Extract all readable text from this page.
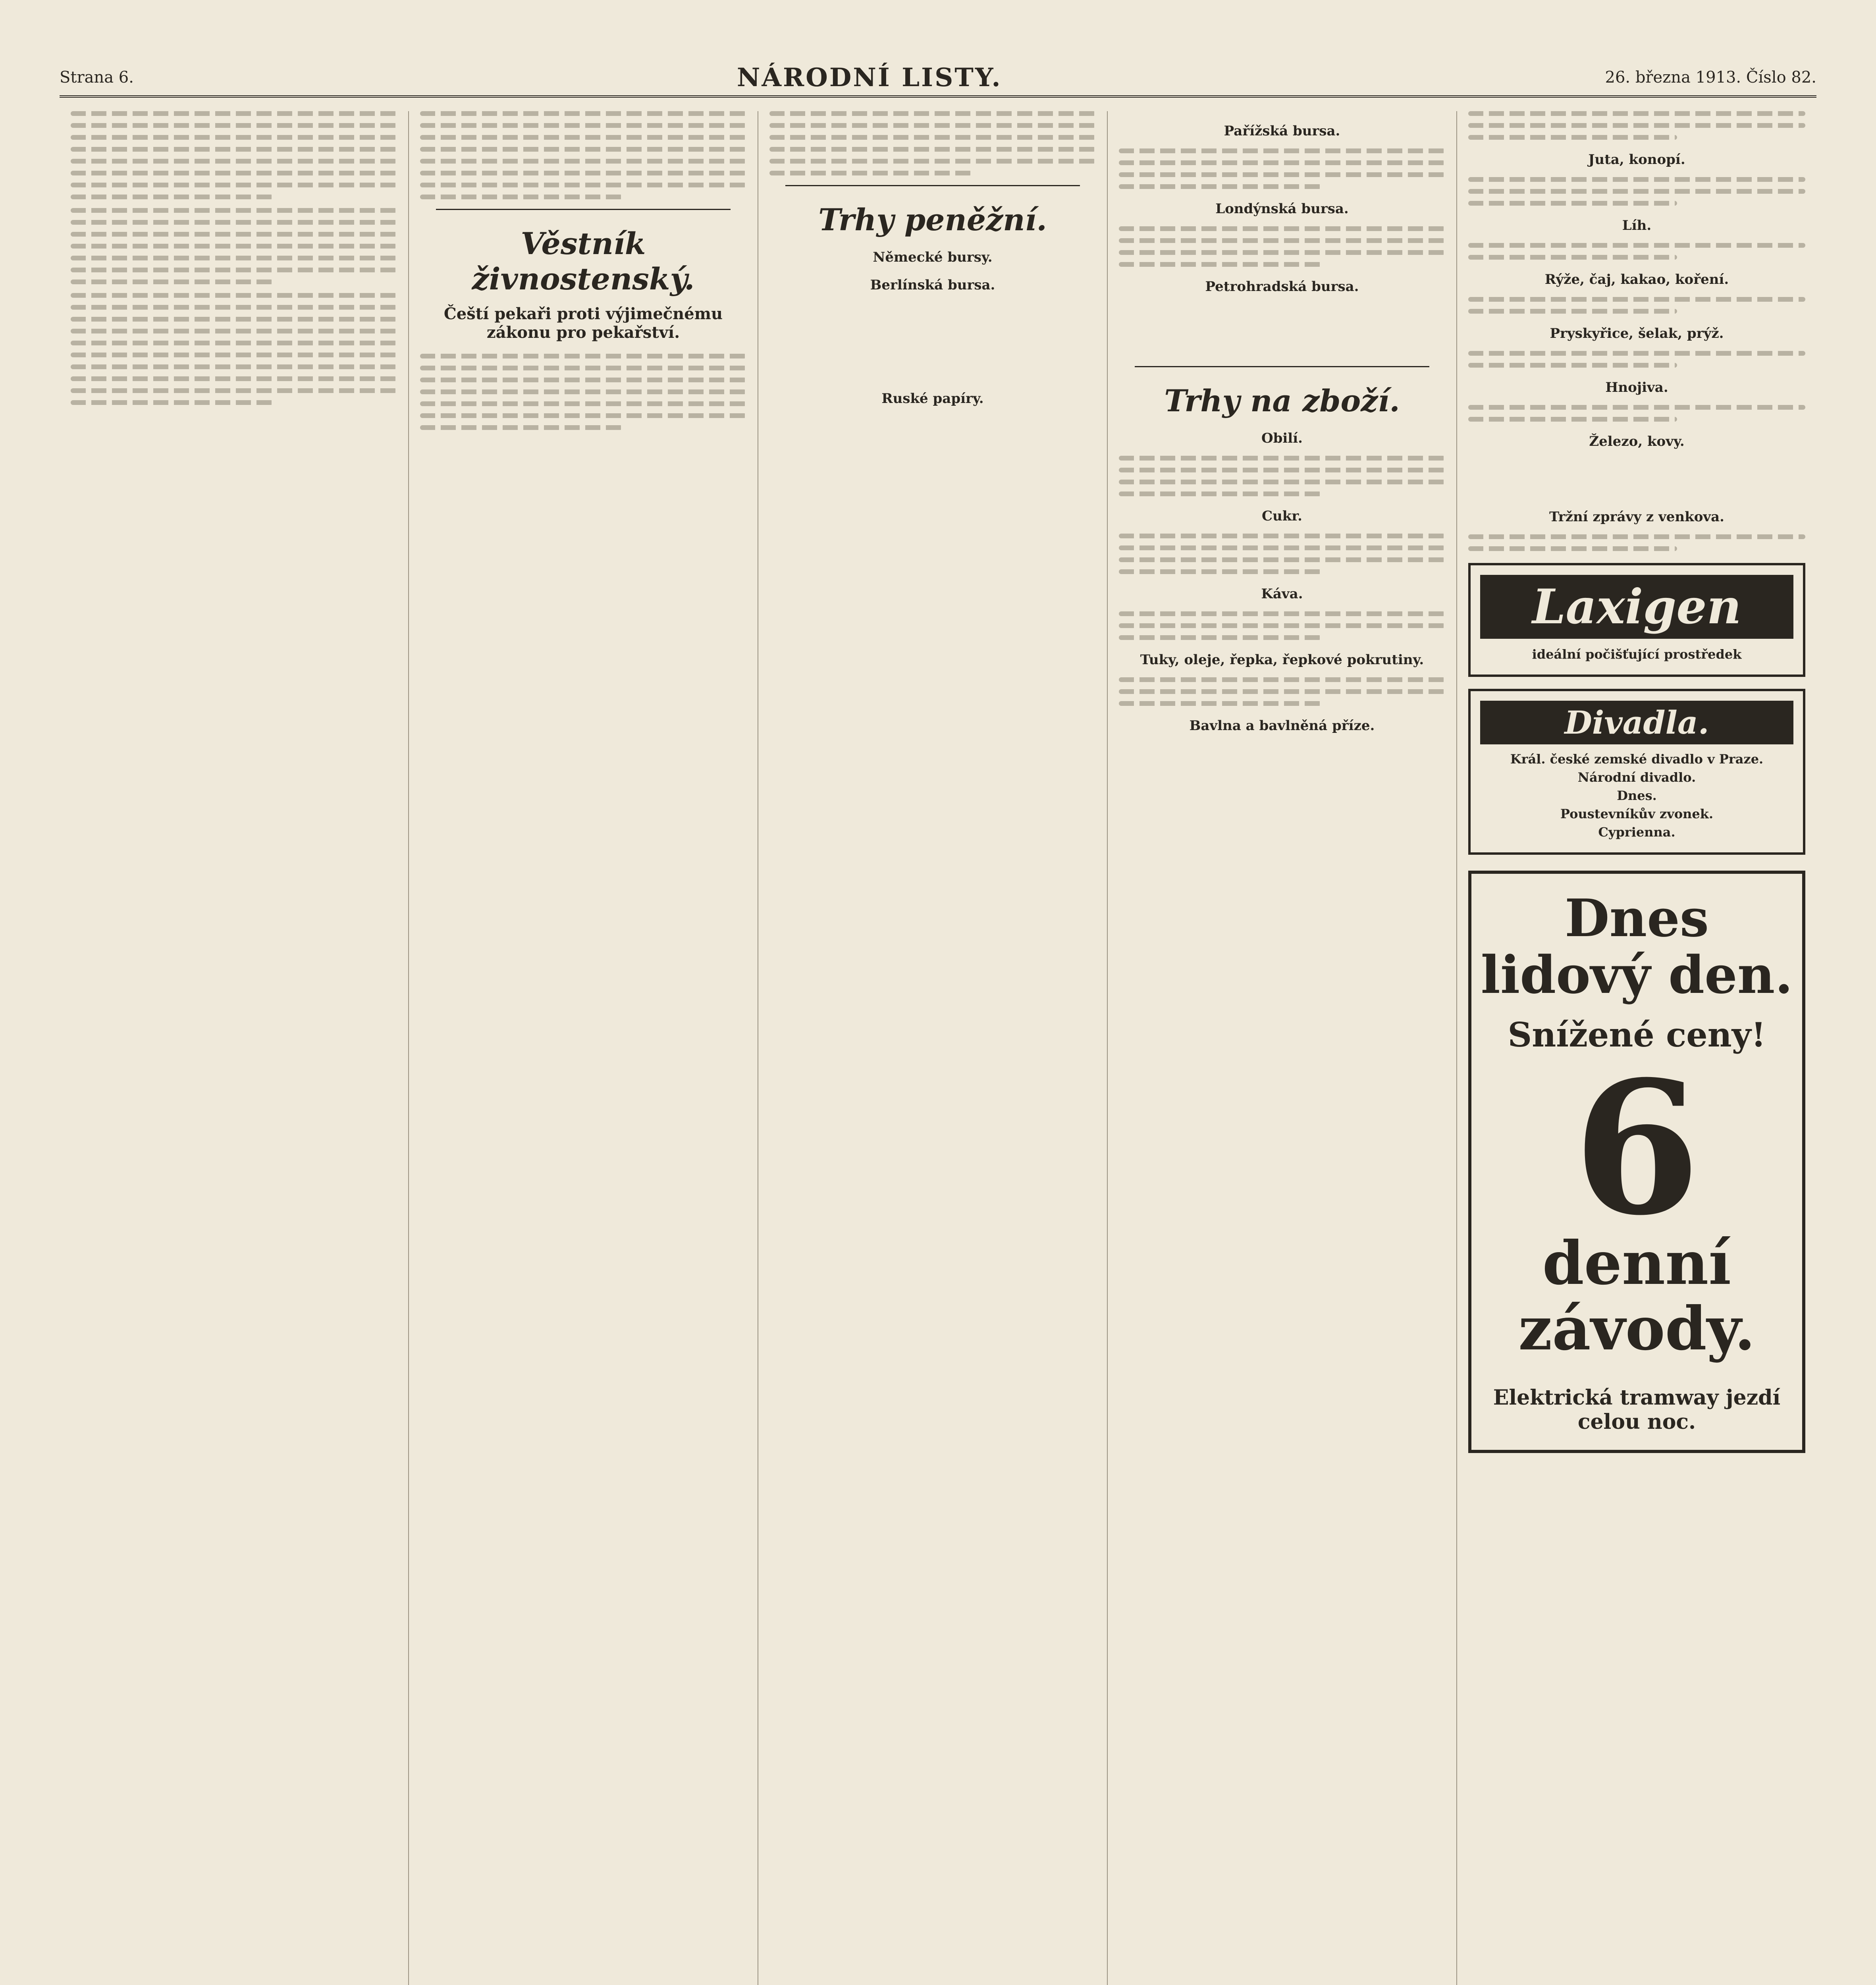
Strana 6.	NÁRODNÍ LISTY.	26. března 1913. Číslo 82.
Věstník živnostenský.
Čeští pekaři proti výjimečnému zákonu pro pekařství.
Trhy peněžní.
Německé bursy.
Berlínská bursa.

Ruské papíry.

Pařížská bursa.
Londýnská bursa.
Petrohradská bursa.

Trhy na zboží.
Obilí.
Cukr.
Káva.
Tuky, oleje, řepka, řepkové pokrutiny.
Bavlna a bavlněná příze.

Juta, konopí.
Líh.
Rýže, čaj, kakao, koření.
Pryskyřice, šelak, prýž.
Hnojiva.
Železo, kovy.

Tržní zprávy z venkova.
Laxigen
ideální počišťující prostředek
Divadla.
Král. české zemské divadlo v Praze.
Národní divadlo.
Dnes.
Poustevníkův zvonek.
Cyprienna.
Dnes lidový den.
Snížené ceny!
6
denní závody.
Elektrická tramway jezdí celou noc.
